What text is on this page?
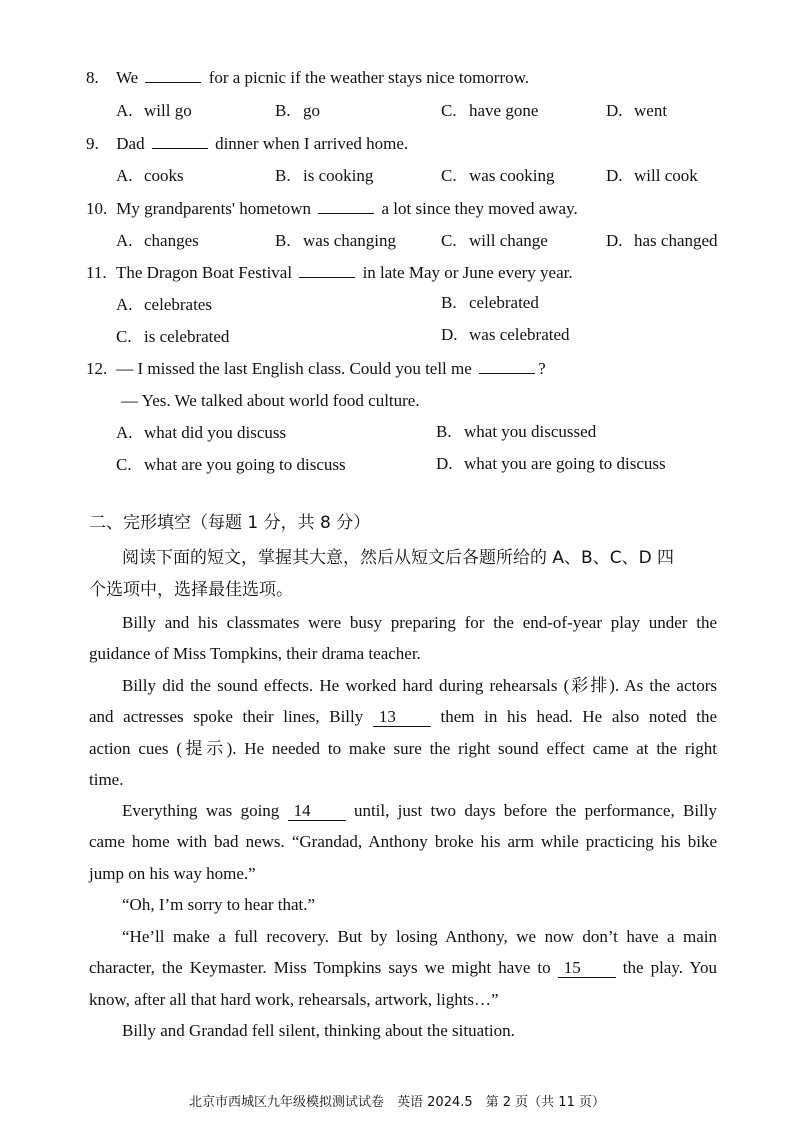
8. We	for a picnic if the weather stays nice tomorrow.
A. will go	B. go	C. have gone	D. went
9. Dad	dinner when I arrived home.
A. cooks	B. is cooking	C. was cooking	D. will cook
10. My grandparents' hometown	a lot since they moved away.
A. changes	B. was changing	C. will change	D. has changed
11. The Dragon Boat Festival	in late May or June every year.
A. celebrates	B. celebrated
C. is celebrated	D. was celebrated
12. — I missed the last English class. Could you tell me	?
— Yes. We talked about world food culture.
A. what did you discuss	B. what you discussed
C. what are you going to discuss	D. what you are going to discuss
二、完形填空（每题 1 分，共 8 分）
阅读下面的短文，掌握其大意，然后从短文后各题所给的 A、B、C、D 四
个选项中，选择最佳选项。
Billy and his classmates were busy preparing for the end-of-year play under the
guidance of Miss Tompkins, their drama teacher.
Billy did the sound effects. He worked hard during rehearsals (彩排). As the actors
and actresses spoke their lines, Billy 13	them in his head. He also noted the
action cues (提示). He needed to make sure the right sound effect came at the right
time.
Everything was going 14	until, just two days before the performance, Billy
came home with bad news. “Grandad, Anthony broke his arm while practicing his bike
jump on his way home.”
“Oh, I’m sorry to hear that.”
“He’ll make a full recovery. But by losing Anthony, we now don’t have a main
character, the Keymaster. Miss Tompkins says we might have to 15 the play. You
know, after all that hard work, rehearsals, artwork, lights…”
Billy and Grandad fell silent, thinking about the situation.
北京市西城区九年级模拟测试试卷　英语 2024.5　第 2 页（共 11 页）
